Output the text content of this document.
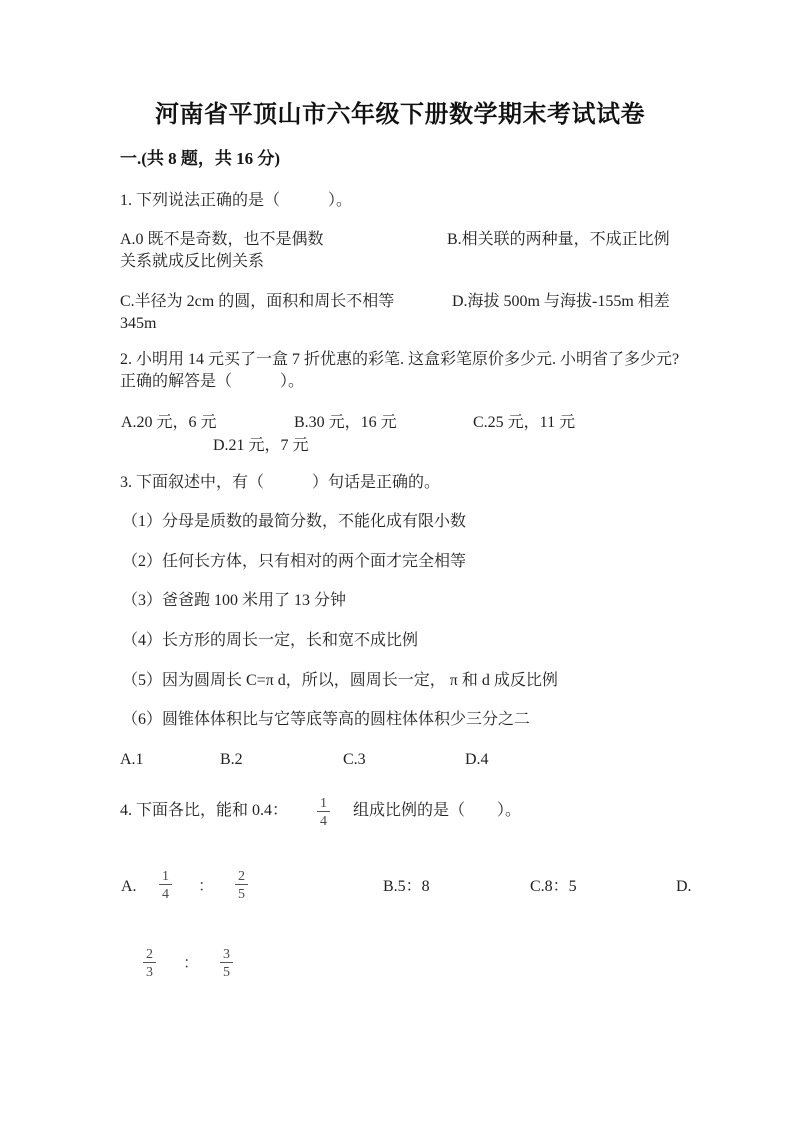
河南省平顶山市六年级下册数学期末考试试卷
一.(共 8 题，共 16 分)
1. 下列说法正确的是（　　　）。
A.0 既不是奇数，也不是偶数	B.相关联的两种量，不成正比例
关系就成反比例关系
C.半径为 2cm 的圆，面积和周长不相等	D.海拔 500m 与海拔-155m 相差
345m
2. 小明用 14 元买了一盒 7 折优惠的彩笔. 这盒彩笔原价多少元. 小明省了多少元?
正确的解答是（　　　）。
A.20 元，6 元	B.30 元，16 元	C.25 元，11 元
D.21 元，7 元
3. 下面叙述中，有（　　　）句话是正确的。
（1）分母是质数的最简分数，不能化成有限小数
（2）任何长方体，只有相对的两个面才完全相等
（3）爸爸跑 100 米用了 13 分钟
（4）长方形的周长一定，长和宽不成比例
（5）因为圆周长 C=π d，所以，圆周长一定， π 和 d 成反比例
（6）圆锥体体积比与它等底等高的圆柱体体积少三分之二
A.1	B.2	C.3	D.4
4. 下面各比，能和 0.4： $\frac{1}{4}$ 组成比例的是（　　）。
A. $\frac{1}{4}$ ： $\frac{2}{5}$	B.5：8	C.8：5	D.
$\frac{2}{3}$ ： $\frac{3}{5}$
